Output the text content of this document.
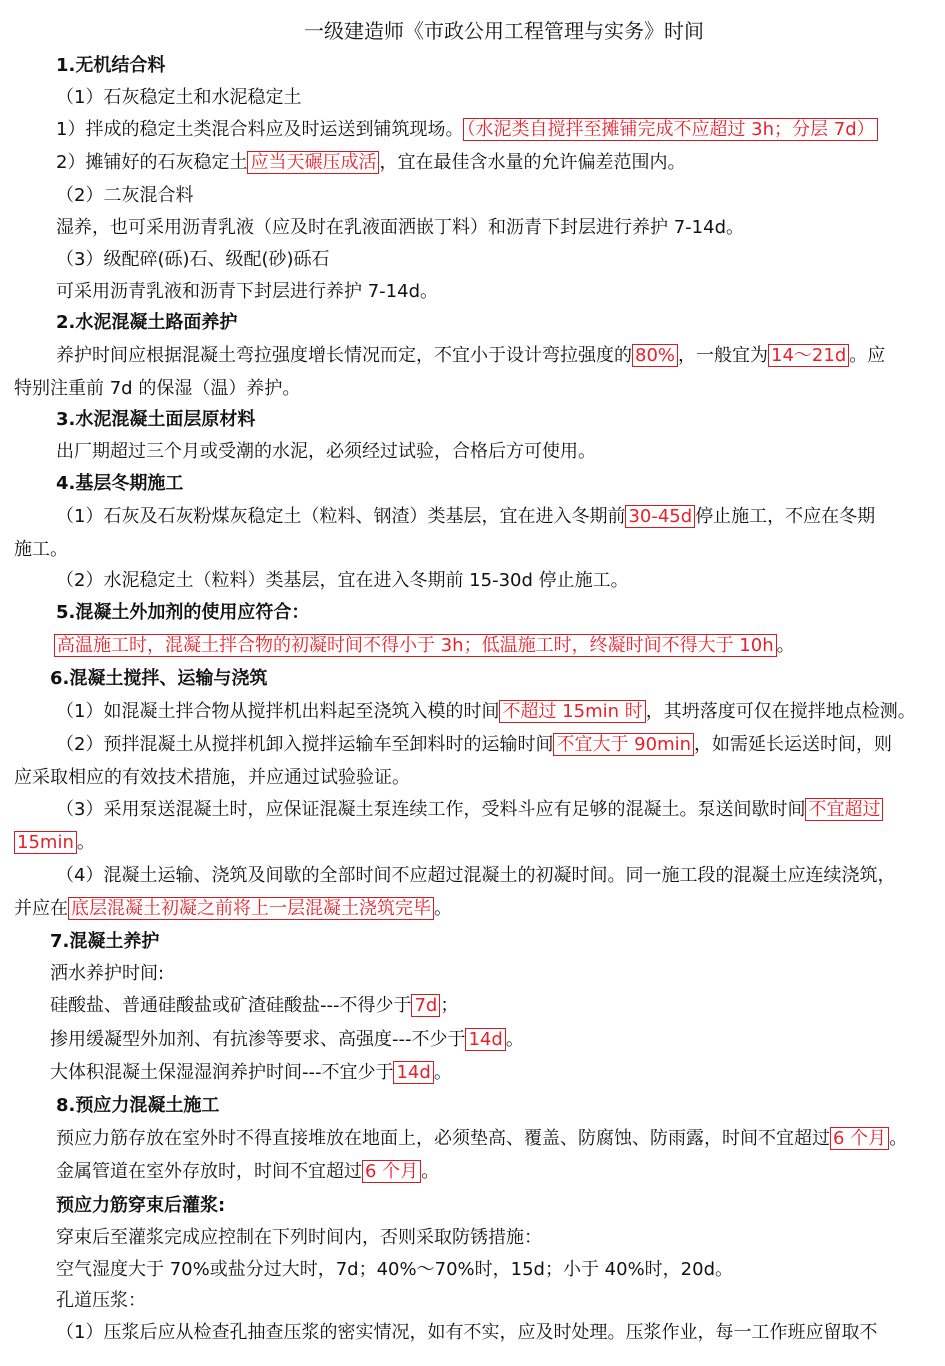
一级建造师《市政公用工程管理与实务》时间
1.无机结合料
（1）石灰稳定土和水泥稳定土
1）拌成的稳定土类混合料应及时运送到铺筑现场。 （水泥类自搅拌至摊铺完成不应超过 3h；分层 7d）
2）摊铺好的石灰稳定土 应当天碾压成活 ，宜在最佳含水量的允许偏差范围内。
（2）二灰混合料
湿养，也可采用沥青乳液（应及时在乳液面洒嵌丁料）和沥青下封层进行养护 7-14d。
（3）级配碎(砾)石、级配(砂)砾石
可采用沥青乳液和沥青下封层进行养护 7-14d。
2.水泥混凝土路面养护
养护时间应根据混凝土弯拉强度增长情况而定，不宜小于设计弯拉强度的 80% ，一般宜为 14～21d 。应
特别注重前 7d 的保湿（温）养护。
3.水泥混凝土面层原材料
出厂期超过三个月或受潮的水泥，必须经过试验，合格后方可使用。
4.基层冬期施工
（1）石灰及石灰粉煤灰稳定土（粒料、钢渣）类基层，宜在进入冬期前 30-45d 停止施工，不应在冬期
施工。
（2）水泥稳定土（粒料）类基层，宜在进入冬期前 15-30d 停止施工。
5.混凝土外加剂的使用应符合：
高温施工时，混凝土拌合物的初凝时间不得小于 3h；低温施工时，终凝时间不得大于 10h 。
6.混凝土搅拌、运输与浇筑
（1）如混凝土拌合物从搅拌机出料起至浇筑入模的时间 不超过 15min 时 ，其坍落度可仅在搅拌地点检测。
（2）预拌混凝土从搅拌机卸入搅拌运输车至卸料时的运输时间 不宜大于 90min ，如需延长运送时间，则
应采取相应的有效技术措施，并应通过试验验证。
（3）采用泵送混凝土时，应保证混凝土泵连续工作，受料斗应有足够的混凝土。泵送间歇时间 不宜超过
15min 。
（4）混凝土运输、浇筑及间歇的全部时间不应超过混凝土的初凝时间。同一施工段的混凝土应连续浇筑，
并应在 底层混凝土初凝之前将上一层混凝土浇筑完毕 。
7.混凝土养护
洒水养护时间:
硅酸盐、普通硅酸盐或矿渣硅酸盐---不得少于 7d ；
掺用缓凝型外加剂、有抗渗等要求、高强度---不少于 14d 。
大体积混凝土保湿湿润养护时间---不宜少于 14d 。
8.预应力混凝土施工
预应力筋存放在室外时不得直接堆放在地面上，必须垫高、覆盖、防腐蚀、防雨露，时间不宜超过 6 个月 。
金属管道在室外存放时，时间不宜超过 6 个月 。
预应力筋穿束后灌浆:
穿束后至灌浆完成应控制在下列时间内，否则采取防锈措施：
空气湿度大于 70%或盐分过大时，7d；40%～70%时，15d；小于 40%时，20d。
孔道压浆：
（1）压浆后应从检查孔抽查压浆的密实情况，如有不实，应及时处理。压浆作业，每一工作班应留取不
